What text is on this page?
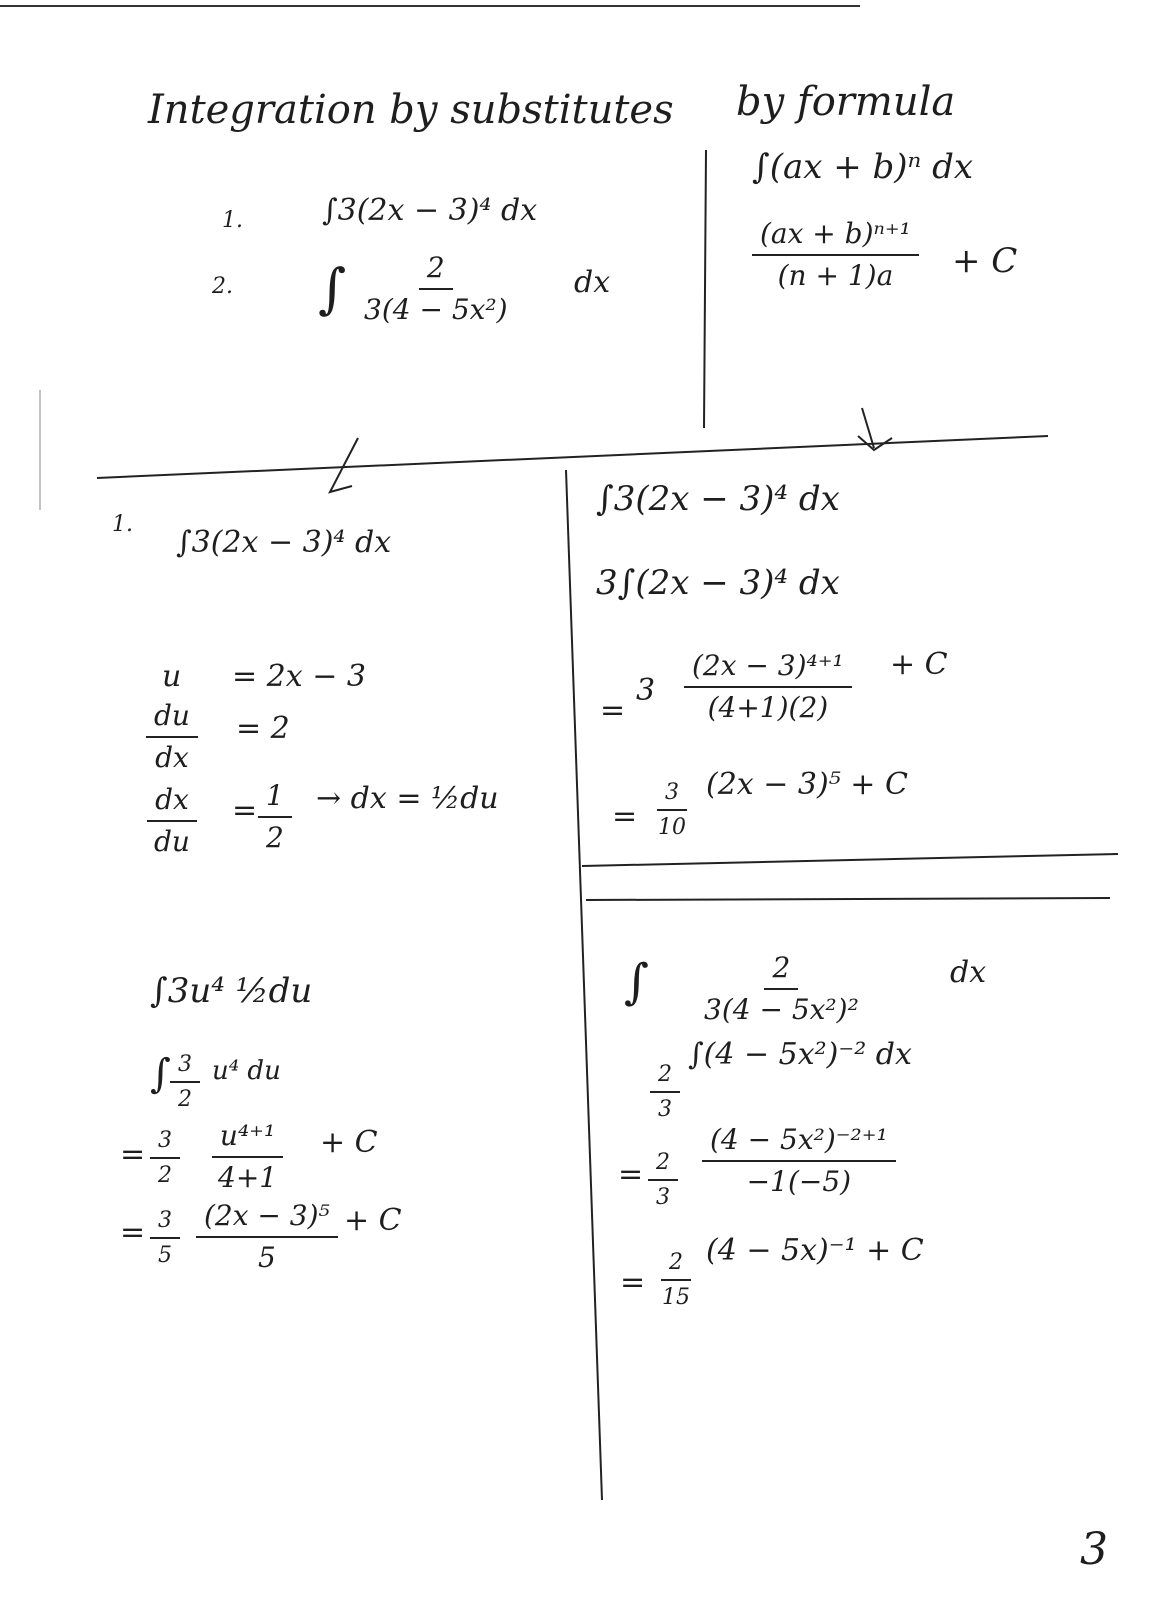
Integration by substitutes by formula
∫(ax + b)ⁿ dx
$\frac{\text{(ax + b)ⁿ⁺¹}}{(n + 1)a} + C$
1.	∫3(2x − 3)⁴ dx
2. ∫ $\frac{2}{\text{3(4 − 5x²)}}$ dx
1.
∫3(2x − 3)⁴ dx
u = 2x − 3
$\frac{du}{dx} = 2$
$\frac{dx}{du} = \frac{1}{2}$ → dx = ½du
∫3u⁴ ½du
∫ $\frac{3}{2} u^4$ du
= $\frac{3}{2} \frac{\text{u⁴⁺¹}}{4+1} + C$
= $\frac{3}{5} \frac{\text{(2x − 3)⁵}}{5} + C$
∫3(2x − 3)⁴ dx
3∫(2x − 3)⁴ dx
=
$3 \frac{\text{(2x − 3)⁴⁺¹}}{(4+1)(2)} + C$
= $\frac{3}{10} (2x - 3)^5 + C$
∫ $\frac{2}{\text{3(4 − 5x²)²}}$	dx
$\frac{2}{3}$
∫(4 − 5x²)⁻² dx
= $\frac{2}{3} \frac{\text{(4 − 5x²)⁻²⁺¹}}{-1(-5)}$
= $\frac{2}{15} (4 - 5x)^{-1} + C$
3
